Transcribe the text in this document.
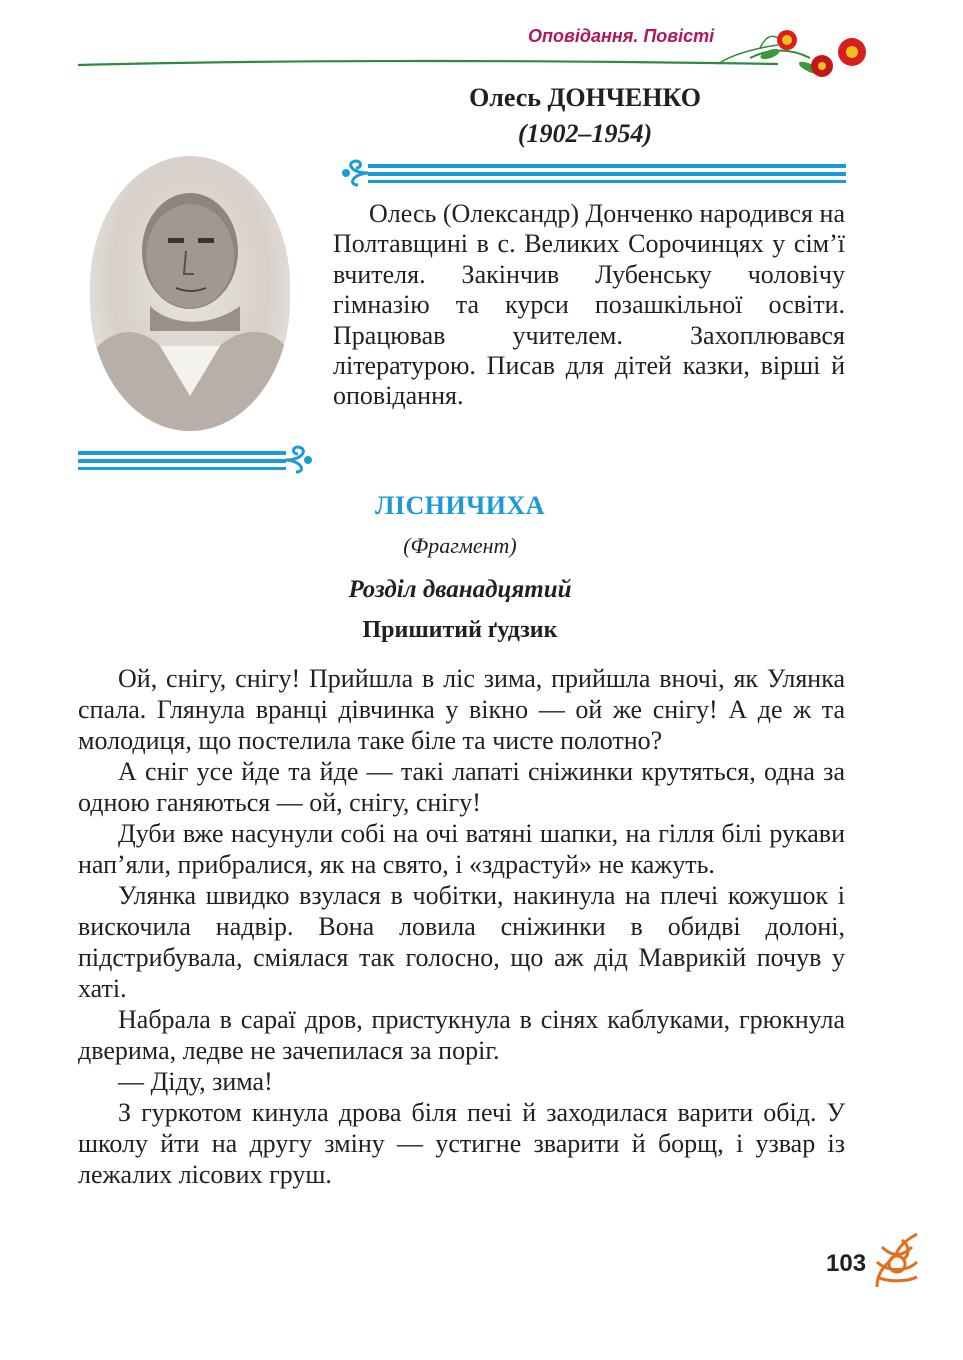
Оповідання. Повісті
Олесь ДОНЧЕНКО
(1902–1954)

Олесь (Олександр) Донченко народився на Полтавщині в с. Великих Сорочинцях у сім’ї вчителя. Закінчив Лубенську чоловічу гімназію та курси позашкільної освіти. Працював учителем. Захоплювався літературою. Писав для дітей казки, вірші й оповідання.

ЛІСНИЧИХА
(Фрагмент)
Розділ дванадцятий
Пришитий ґудзик

Ой, снігу, снігу! Прийшла в ліс зима, прийшла вночі, як Улянка спала. Глянула вранці дівчинка у вікно — ой же снігу! А де ж та молодиця, що постелила таке біле та чисте полотно?

А сніг усе йде та йде — такі лапаті сніжинки крутяться, одна за одною ганяються — ой, снігу, снігу!

Дуби вже насунули собі на очі ватяні шапки, на гілля білі рукави нап’яли, прибралися, як на свято, і «здрастуй» не кажуть.

Улянка швидко взулася в чобітки, накинула на плечі кожушок і вискочила надвір. Вона ловила сніжинки в обидві долоні, підстрибувала, сміялася так голосно, що аж дід Маврикій почув у хаті.

Набрала в сараї дров, пристукнула в сінях каблуками, грюкнула дверима, ледве не зачепилася за поріг.

— Діду, зима!

З гуркотом кинула дрова біля печі й заходилася варити обід. У школу йти на другу зміну — устигне зварити й борщ, і узвар із лежалих лісових груш.

103
